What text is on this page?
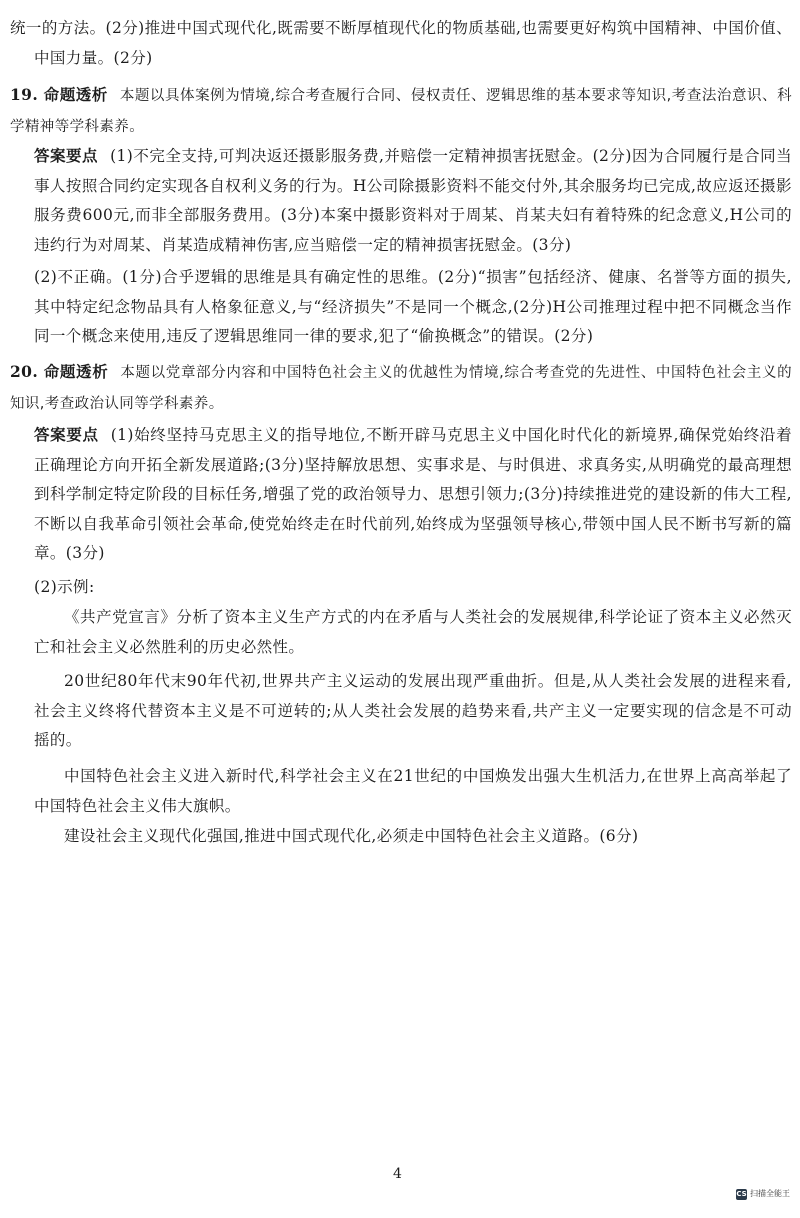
统一的方法。(2分)推进中国式现代化,既需要不断厚植现代化的物质基础,也需要更好构筑中国精神、中国价值、中国力量。(2分)

19. 命题透析 本题以具体案例为情境,综合考查履行合同、侵权责任、逻辑思维的基本要求等知识,考查法治意识、科学精神等学科素养。

答案要点 (1)不完全支持,可判决返还摄影服务费,并赔偿一定精神损害抚慰金。(2分)因为合同履行是合同当事人按照合同约定实现各自权利义务的行为。H公司除摄影资料不能交付外,其余服务均已完成,故应返还摄影服务费600元,而非全部服务费用。(3分)本案中摄影资料对于周某、肖某夫妇有着特殊的纪念意义,H公司的违约行为对周某、肖某造成精神伤害,应当赔偿一定的精神损害抚慰金。(3分)

(2)不正确。(1分)合乎逻辑的思维是具有确定性的思维。(2分)“损害”包括经济、健康、名誉等方面的损失,其中特定纪念物品具有人格象征意义,与“经济损失”不是同一个概念,(2分)H公司推理过程中把不同概念当作同一个概念来使用,违反了逻辑思维同一律的要求,犯了“偷换概念”的错误。(2分)

20. 命题透析 本题以党章部分内容和中国特色社会主义的优越性为情境,综合考查党的先进性、中国特色社会主义的知识,考查政治认同等学科素养。

答案要点 (1)始终坚持马克思主义的指导地位,不断开辟马克思主义中国化时代化的新境界,确保党始终沿着正确理论方向开拓全新发展道路;(3分)坚持解放思想、实事求是、与时俱进、求真务实,从明确党的最高理想到科学制定特定阶段的目标任务,增强了党的政治领导力、思想引领力;(3分)持续推进党的建设新的伟大工程,不断以自我革命引领社会革命,使党始终走在时代前列,始终成为坚强领导核心,带领中国人民不断书写新的篇章。(3分)

(2)示例:

《共产党宣言》分析了资本主义生产方式的内在矛盾与人类社会的发展规律,科学论证了资本主义必然灭亡和社会主义必然胜利的历史必然性。

20世纪80年代末90年代初,世界共产主义运动的发展出现严重曲折。但是,从人类社会发展的进程来看,社会主义终将代替资本主义是不可逆转的;从人类社会发展的趋势来看,共产主义一定要实现的信念是不可动摇的。

中国特色社会主义进入新时代,科学社会主义在21世纪的中国焕发出强大生机活力,在世界上高高举起了中国特色社会主义伟大旗帜。

建设社会主义现代化强国,推进中国式现代化,必须走中国特色社会主义道路。(6分)

4
CS 扫描全能王
